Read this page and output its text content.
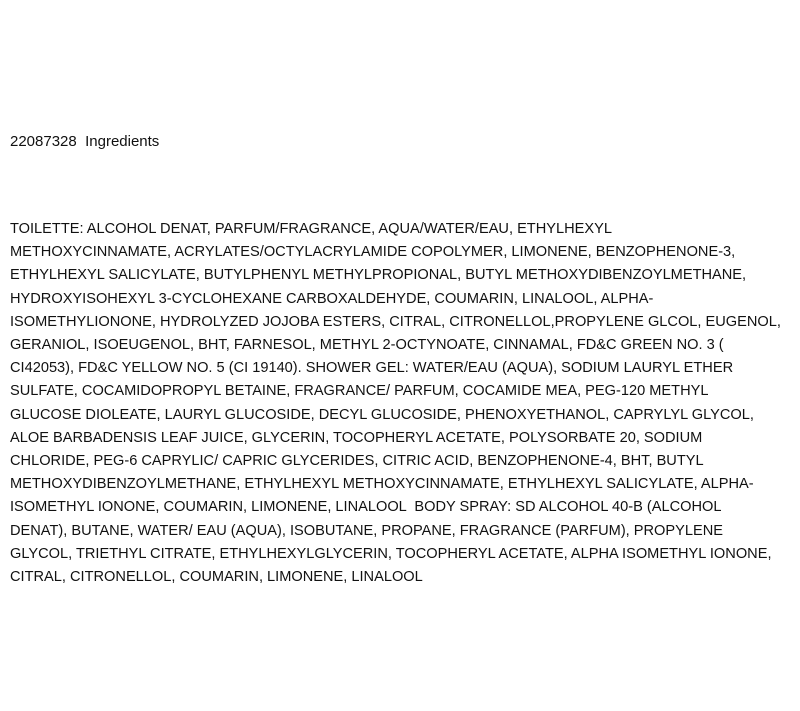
22087328 Ingredients
TOILETTE: ALCOHOL DENAT, PARFUM/FRAGRANCE, AQUA/WATER/EAU, ETHYLHEXYL
METHOXYCINNAMATE, ACRYLATES/OCTYLACRYLAMIDE COPOLYMER, LIMONENE, BENZOPHENONE-3,
ETHYLHEXYL SALICYLATE, BUTYLPHENYL METHYLPROPIONAL, BUTYL METHOXYDIBENZOYLMETHANE,
HYDROXYISOHEXYL 3-CYCLOHEXANE CARBOXALDEHYDE, COUMARIN, LINALOOL, ALPHA-
ISOMETHYLIONONE, HYDROLYZED JOJOBA ESTERS, CITRAL, CITRONELLOL,PROPYLENE GLCOL, EUGENOL,
GERANIOL, ISOEUGENOL, BHT, FARNESOL, METHYL 2-OCTYNOATE, CINNAMAL, FD&C GREEN NO. 3 (
CI42053), FD&C YELLOW NO. 5 (CI 19140). SHOWER GEL: WATER/EAU (AQUA), SODIUM LAURYL ETHER
SULFATE, COCAMIDOPROPYL BETAINE, FRAGRANCE/ PARFUM, COCAMIDE MEA, PEG-120 METHYL
GLUCOSE DIOLEATE, LAURYL GLUCOSIDE, DECYL GLUCOSIDE, PHENOXYETHANOL, CAPRYLYL GLYCOL,
ALOE BARBADENSIS LEAF JUICE, GLYCERIN, TOCOPHERYL ACETATE, POLYSORBATE 20, SODIUM
CHLORIDE, PEG-6 CAPRYLIC/ CAPRIC GLYCERIDES, CITRIC ACID, BENZOPHENONE-4, BHT, BUTYL
METHOXYDIBENZOYLMETHANE, ETHYLHEXYL METHOXYCINNAMATE, ETHYLHEXYL SALICYLATE, ALPHA-
ISOMETHYL IONONE, COUMARIN, LIMONENE, LINALOOL  BODY SPRAY: SD ALCOHOL 40-B (ALCOHOL
DENAT), BUTANE, WATER/ EAU (AQUA), ISOBUTANE, PROPANE, FRAGRANCE (PARFUM), PROPYLENE
GLYCOL, TRIETHYL CITRATE, ETHYLHEXYLGLYCERIN, TOCOPHERYL ACETATE, ALPHA ISOMETHYL IONONE,
CITRAL, CITRONELLOL, COUMARIN, LIMONENE, LINALOOL
